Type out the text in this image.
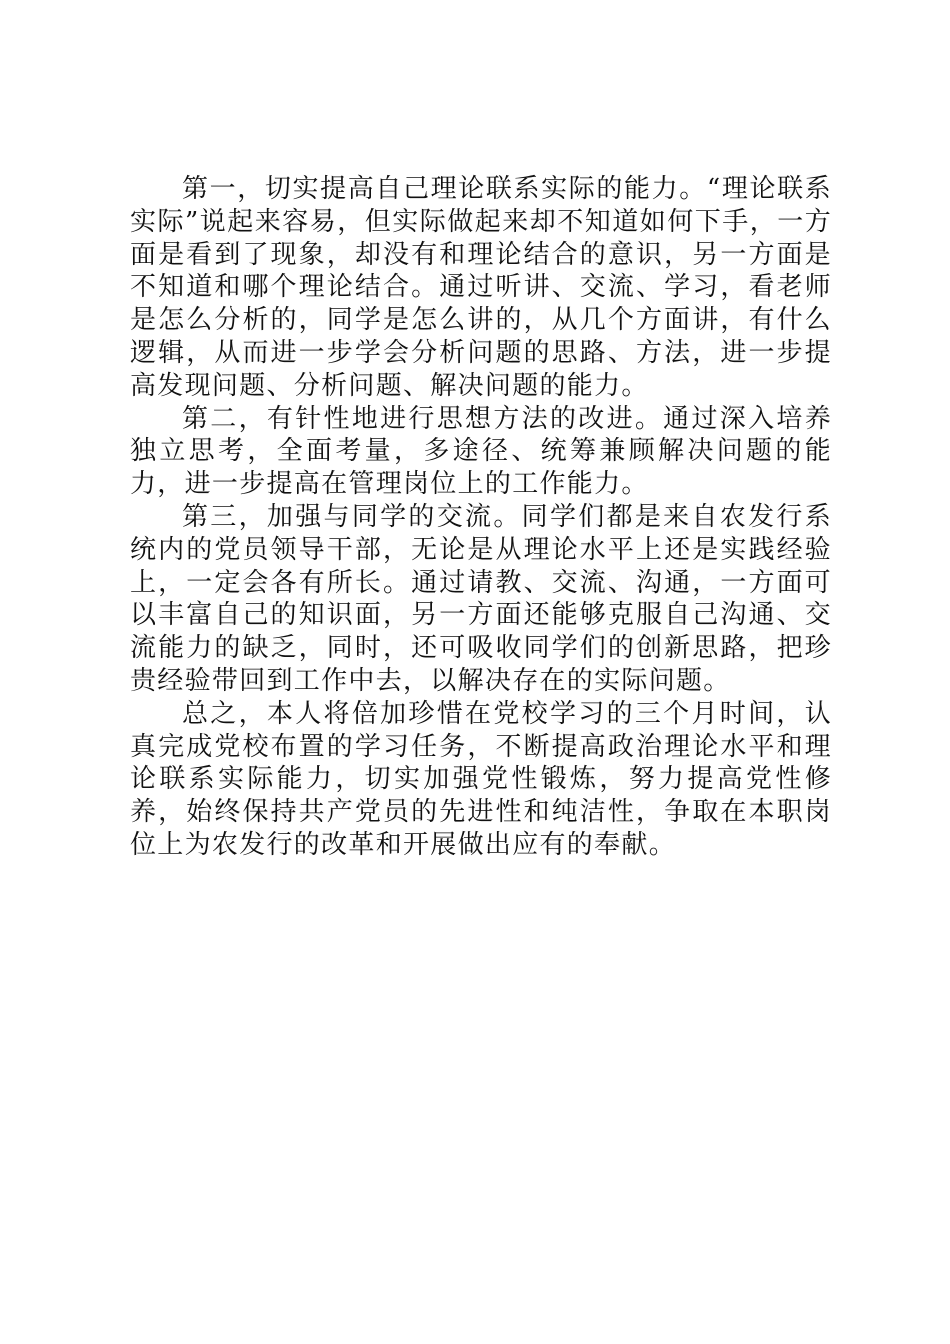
第一，切实提高自己理论联系实际的能力。“理论联系实际”说起来容易，但实际做起来却不知道如何下手，一方面是看到了现象，却没有和理论结合的意识，另一方面是不知道和哪个理论结合。通过听讲、交流、学习，看老师是怎么分析的，同学是怎么讲的，从几个方面讲，有什么逻辑，从而进一步学会分析问题的思路、方法，进一步提高发现问题、分析问题、解决问题的能力。

第二，有针性地进行思想方法的改进。通过深入培养独立思考，全面考量，多途径、统筹兼顾解决问题的能力，进一步提高在管理岗位上的工作能力。

第三，加强与同学的交流。同学们都是来自农发行系统内的党员领导干部，无论是从理论水平上还是实践经验上，一定会各有所长。通过请教、交流、沟通，一方面可以丰富自己的知识面，另一方面还能够克服自己沟通、交流能力的缺乏，同时，还可吸收同学们的创新思路，把珍贵经验带回到工作中去，以解决存在的实际问题。

总之，本人将倍加珍惜在党校学习的三个月时间，认真完成党校布置的学习任务，不断提高政治理论水平和理论联系实际能力，切实加强党性锻炼，努力提高党性修养，始终保持共产党员的先进性和纯洁性，争取在本职岗位上为农发行的改革和开展做出应有的奉献。
